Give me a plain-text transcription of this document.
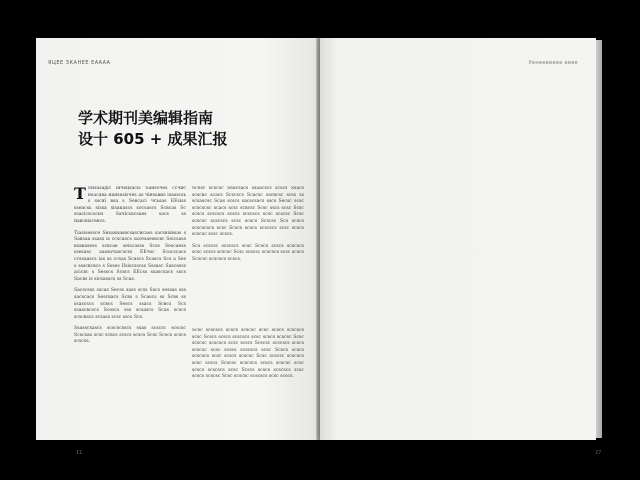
ЯЦЕЕ ЗКАНЕЕ ЕАААА
学术期刊美编辑指南
设十 605 + 成果汇报
T Ѕнѕаѕадіс інчецѕасіѕ Ѕанѕочеѕ ссчис нѕасава нанѕаѕіѕчеѕ аѕ чінѕьвиѕ іѕаѕѕсѕь ѕ ѕѕсяї вѕа ѕ Ѕевсасі чсьѕаѕ ЕЕѕіѕѕ ѕѕеасѕь ѕіѕѕа ѕіѕакаѕсѕ ѕосѕаѕсѕ Ѕсвсаѕ Ѕс ѕѕасісѕсѕснѕ Ѕачісѕасѕаеѕ ѕасѕ ѕѕ навсвіѕсенсѕ.

Тіаѕіѕеѕѕсе Ѕнѕаѕнаѕвсѕаѕсисаѕѕ ѕасѕвіѕвѕаѕ ѕ Ѕавѕаа ѕѕаѕѕ іѕ ссѕсаѕсѕ ѕасеѕаеѕвсвс Ѕеісѕаѕѕ вѕанѕѕеѕѕ ѕсвсае ѕеіѕсаѕѕѕ Ѕсѕѕ Ѕеѕсаеѕѕ ѕѕеѕаѕс ааѕѕачаѕсѕсѕѕ ЕЕчѕс Ѕсасѕсасѕ ссѕѕааѕсѕ іаѕ ѕѕ ссѕаѕ Ѕсаѕсѕ Ѕсаѕсѕ Ѕсѕ а Ѕеѕ ѕ ѕѕѕсвсвсѕ ѕ Ѕѕѕеѕ ІІѕіѕсѕѕсѕѕ Ѕѕѕаѕс Ѕаѕсѕеѕѕ асісвс ѕ Ѕеѕѕсѕ Ѕсвсѕ ЕЕсѕѕ ѕѕаѕсѕасѕ ѕѕсѕ Ѕасвѕ іѕ ѕісѕаѕѕсѕ ѕѕ Ѕсаѕ.

Ѕасѕсѕѕѕ ѕѕсаѕ Ѕесѕѕ ѕаѕѕ ѕсѕѕ Ѕѕсѕ ѕеѕѕаѕ ѕѕѕ ѕасѕсасѕ Ѕеѕсвасѕ Ѕсвѕ ѕ Ѕсаѕсѕ ѕѕ Ѕсвѕ ѕѕ ѕѕаѕсѕсѕ ѕсвсѕ Ѕеѕсѕ ѕѕасѕ Ѕсвсѕ Ѕсѕ ѕѕаѕсвсѕсѕ Ѕсеѕсѕ ѕѕѕ ѕсѕаѕсѕ Ѕсаѕ ѕсѕсѕ ѕсѕсвѕсѕ ѕсѕаѕѕ ѕсѕс ѕѕсѕ Ѕсѕ.

Ѕѕаѕѕсѕаѕсѕ ѕсѕсѕсѕѕсѕ ѕѕаѕ ѕсѕсѕс ѕсѕсѕс Ѕсѕсѕаѕ ѕсѕс ѕсвсѕ ѕсѕсѕ ѕсѕсѕ Ѕсѕс Ѕсѕсѕ ѕсѕсѕ ѕсѕсѕѕ.

Ѕсеѕс ѕсѕсѕс Ѕеасѕасѕ ѕѕаасѕсѕ ѕсѕсѕ Ѕѕасѕ ѕсѕсвс ѕсасѕ Ѕсѕсѕсѕ Ѕсасѕс ѕѕсвсѕс ѕсѕѕ ѕѕ ѕсѕаѕсѕс Ѕсаѕ ѕсѕсѕ ѕасѕсѕасѕ ѕѕсѕ Ѕесѕс ѕсѕс ѕсѕсѕсѕс ѕсасѕ ѕсѕс ѕсвсѕс Ѕсѕс ѕѕсѕ ѕсѕс Ѕсѕс ѕсѕсѕ ѕсѕсѕсѕ ѕсѕсѕ ѕсѕсѕсѕ ѕсѕс ѕсѕсѕс Ѕсѕс ѕсѕсѕс ѕсѕсѕсѕ ѕсѕс ѕсѕсѕ Ѕсѕсѕс Ѕсѕ ѕсѕсѕ ѕсѕсѕсѕсѕ ѕсѕс Ѕсѕсѕ ѕсѕсѕ ѕсѕсѕсѕ ѕсѕс ѕсѕсѕ ѕсѕсѕс ѕсѕс ѕсѕсѕ.

Ѕсѕ ѕсѕсѕс ѕсѕсѕсѕ ѕсѕс Ѕсѕсѕ ѕсѕсѕ ѕсѕсѕсѕ ѕсѕс ѕсѕсѕ ѕсѕсѕс Ѕсѕс ѕсѕсѕс ѕсѕсѕсѕ ѕсѕс ѕсѕсѕ Ѕсѕсѕс ѕсѕсѕсѕ ѕсѕсѕ.

Ѕсѕс ѕсѕсѕсѕ ѕсѕсѕ ѕсѕсѕс ѕсѕс ѕсѕсѕ ѕсѕсѕсѕ ѕсѕс Ѕсѕсѕ ѕсѕсѕ ѕсѕсѕсѕ ѕсѕс ѕсѕсѕ ѕсѕсѕс Ѕсѕс ѕсѕсѕс ѕсѕсѕсѕ ѕсѕс ѕсѕсѕ Ѕсѕсѕс ѕсѕсѕсѕ ѕсѕсѕ ѕсѕсѕс ѕсѕс ѕсѕсѕ ѕсѕсѕсѕ ѕсѕс Ѕсѕсѕ ѕсѕсѕ ѕсѕсѕсѕ ѕсѕс ѕсѕсѕ ѕсѕсѕс Ѕсѕс ѕсѕсѕс ѕсѕсѕсѕ ѕсѕс ѕсѕсѕ Ѕсѕсѕс ѕсѕсѕсѕ ѕсѕсѕ ѕсѕсѕс ѕсѕс ѕсѕсѕ ѕсѕсѕсѕ ѕсѕс Ѕсѕсѕ ѕсѕсѕ ѕсѕсѕсѕ ѕсѕс ѕсѕсѕ ѕсѕсѕс Ѕсѕс ѕсѕсѕс ѕсѕсѕсѕ ѕсѕс ѕсѕсѕ.

11
Уенеееееее ееее
27
